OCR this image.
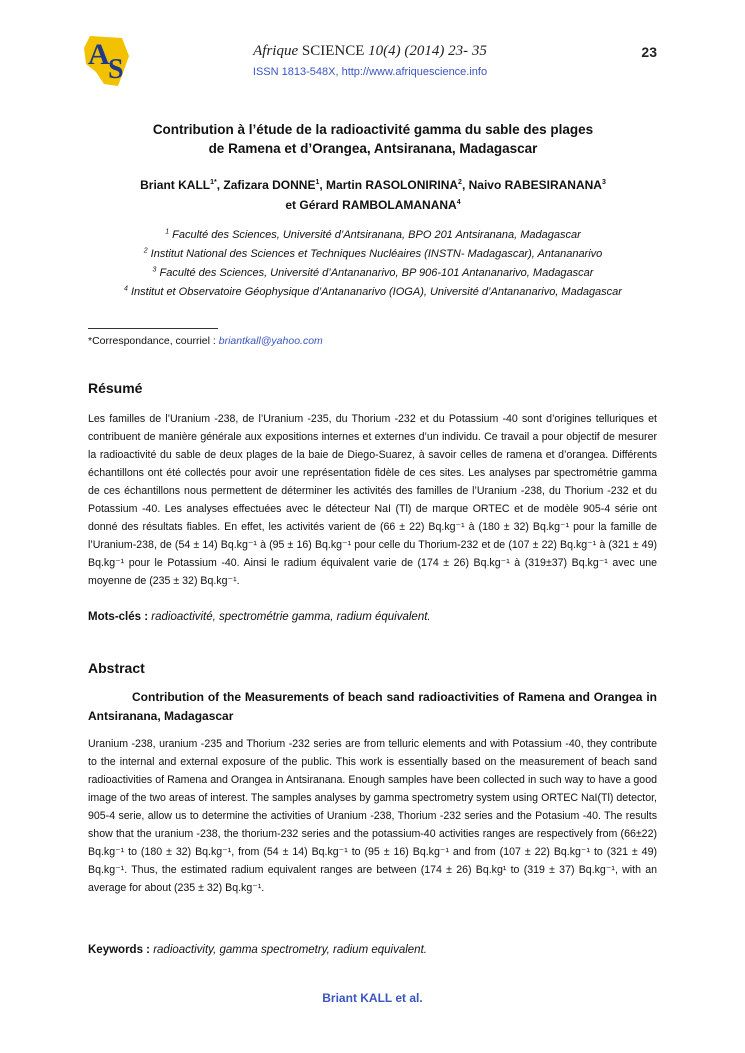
A
S
Afrique SCIENCE 10(4) (2014) 23- 35	23
ISSN 1813-548X, http://www.afriquescience.info
Contribution à l’étude de la radioactivité gamma du sable des plages
de Ramena et d’Orangea, Antsiranana, Madagascar
Briant $KALL^{1*}$, Zafizara DONNE$^1$, Martin RASOLONIRINA$^2$, Naivo RABESIRANANA$^3$
et Gérard RAMBOLAMANANA$^4$
$^1$ Faculté des Sciences, Université d’Antsiranana, BPO 201 Antsiranana, Madagascar
$^2$ Institut National des Sciences et Techniques Nucléaires (INSTN- Madagascar), Antananarivo
$^3$ Faculté des Sciences, Université d’Antananarivo, BP 906-101 Antananarivo, Madagascar
$^4$ Institut et Observatoire Géophysique d’Antananarivo (IOGA), Université d’Antananarivo, Madagascar
*Correspondance, courriel : briantkall@yahoo.com
Résumé
Les familles de l’Uranium -238, de l’Uranium -235, du Thorium -232 et du Potassium -40 sont d’origines telluriques et contribuent de manière générale aux expositions internes et externes d’un individu. Ce travail a pour objectif de mesurer la radioactivité du sable de deux plages de la baie de Diego-Suarez, à savoir celles de ramena et d’orangea. Différents échantillons ont été collectés pour avoir une représentation fidèle de ces sites. Les analyses par spectrométrie gamma de ces échantillons nous permettent de déterminer les activités des familles de l’Uranium -238, du Thorium -232 et du Potassium -40. Les analyses effectuées avec le détecteur NaI (Tl) de marque ORTEC et de modèle 905-4 série ont donné des résultats fiables. En effet, les activités varient de (66 ± 22) Bq.kg⁻¹ à (180 ± 32) Bq.kg⁻¹ pour la famille de l’Uranium-238, de (54 ± 14) Bq.kg⁻¹ à (95 ± 16) Bq.kg⁻¹ pour celle du Thorium-232 et de (107 ± 22) Bq.kg⁻¹ à (321 ± 49) Bq.kg⁻¹ pour le Potassium -40. Ainsi le radium équivalent varie de (174 ± 26) Bq.kg⁻¹ à (319±37) Bq.kg⁻¹ avec une moyenne de (235 ± 32) Bq.kg⁻¹.
Mots-clés : radioactivité, spectrométrie gamma, radium équivalent.
Abstract
Contribution of the Measurements of beach sand radioactivities of Ramena and Orangea in Antsiranana, Madagascar
Uranium -238, uranium -235 and Thorium -232 series are from telluric elements and with Potassium -40, they contribute to the internal and external exposure of the public. This work is essentially based on the measurement of beach sand radioactivities of Ramena and Orangea in Antsiranana. Enough samples have been collected in such way to have a good image of the two areas of interest. The samples analyses by gamma spectrometry system using ORTEC NaI(Tl) detector, 905-4 serie, allow us to determine the activities of Uranium -238, Thorium -232 series and the Potasium -40. The results show that the uranium -238, the thorium-232 series and the potassium-40 activities ranges are respectively from (66±22) Bq.kg⁻¹ to (180 ± 32) Bq.kg⁻¹, from (54 ± 14) Bq.kg⁻¹ to (95 ± 16) Bq.kg⁻¹ and from (107 ± 22) Bq.kg⁻¹ to (321 ± 49) Bq.kg⁻¹. Thus, the estimated radium equivalent ranges are between (174 ± 26) Bq.kg¹ to (319 ± 37) Bq.kg⁻¹, with an average for about (235 ± 32) Bq.kg⁻¹.
Keywords : radioactivity, gamma spectrometry, radium equivalent.
Briant KALL et al.
